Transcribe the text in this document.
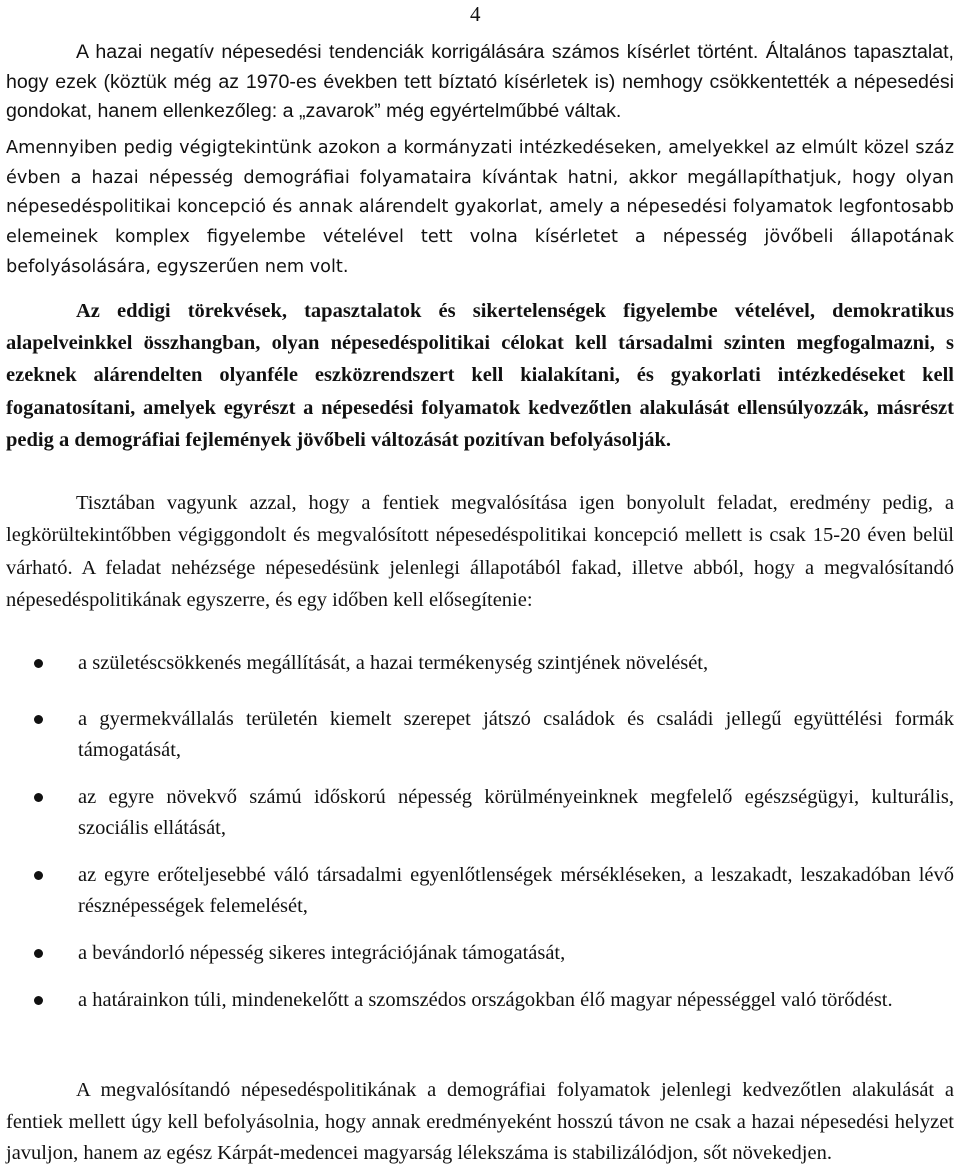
4

A hazai negatív népesedési tendenciák korrigálására számos kísérlet történt. Általános tapasztalat, hogy ezek (köztük még az 1970-es években tett bíztató kísérletek is) nemhogy csökkentették a népesedési gondokat, hanem ellenkezőleg: a „zavarok” még egyértelműbbé váltak.

Amennyiben pedig végigtekintünk azokon a kormányzati intézkedéseken, amelyekkel az elmúlt közel száz évben a hazai népesség demográfiai folyamataira kívántak hatni, akkor megállapíthatjuk, hogy olyan népesedéspolitikai koncepció és annak alárendelt gyakorlat, amely a népesedési folyamatok legfontosabb elemeinek komplex figyelembe vételével tett volna kísérletet a népesség jövőbeli állapotának befolyásolására, egyszerűen nem volt.

Az eddigi törekvések, tapasztalatok és sikertelenségek figyelembe vételével, demokratikus alapelveinkkel összhangban, olyan népesedéspolitikai célokat kell társadalmi szinten megfogalmazni, s ezeknek alárendelten olyanféle eszközrendszert kell kialakítani, és gyakorlati intézkedéseket kell foganatosítani, amelyek egyrészt a népesedési folyamatok kedvezőtlen alakulását ellensúlyozzák, másrészt pedig a demográfiai fejlemények jövőbeli változását pozitívan befolyásolják.

Tisztában vagyunk azzal, hogy a fentiek megvalósítása igen bonyolult feladat, eredmény pedig, a legkörültekintőbben végiggondolt és megvalósított népesedéspolitikai koncepció mellett is csak 15-20 éven belül várható. A feladat nehézsége népesedésünk jelenlegi állapotából fakad, illetve abból, hogy a megvalósítandó népesedéspolitikának egyszerre, és egy időben kell elősegítenie:

a születéscsökkenés megállítását, a hazai termékenység szintjének növelését,
a gyermekvállalás területén kiemelt szerepet játszó családok és családi jellegű együttélési formák támogatását,
az egyre növekvő számú időskorú népesség körülményeinknek megfelelő egészségügyi, kulturális, szociális ellátását,
az egyre erőteljesebbé váló társadalmi egyenlőtlenségek mérsékléseken, a leszakadt, leszakadóban lévő résznépességek felemelését,
a bevándorló népesség sikeres integrációjának támogatását,
a határainkon túli, mindenekelőtt a szomszédos országokban élő magyar népességgel való törődést.

A megvalósítandó népesedéspolitikának a demográfiai folyamatok jelenlegi kedvezőtlen alakulását a fentiek mellett úgy kell befolyásolnia, hogy annak eredményeként hosszú távon ne csak a hazai népesedési helyzet javuljon, hanem az egész Kárpát-medencei magyarság lélekszáma is stabilizálódjon, sőt növekedjen.
